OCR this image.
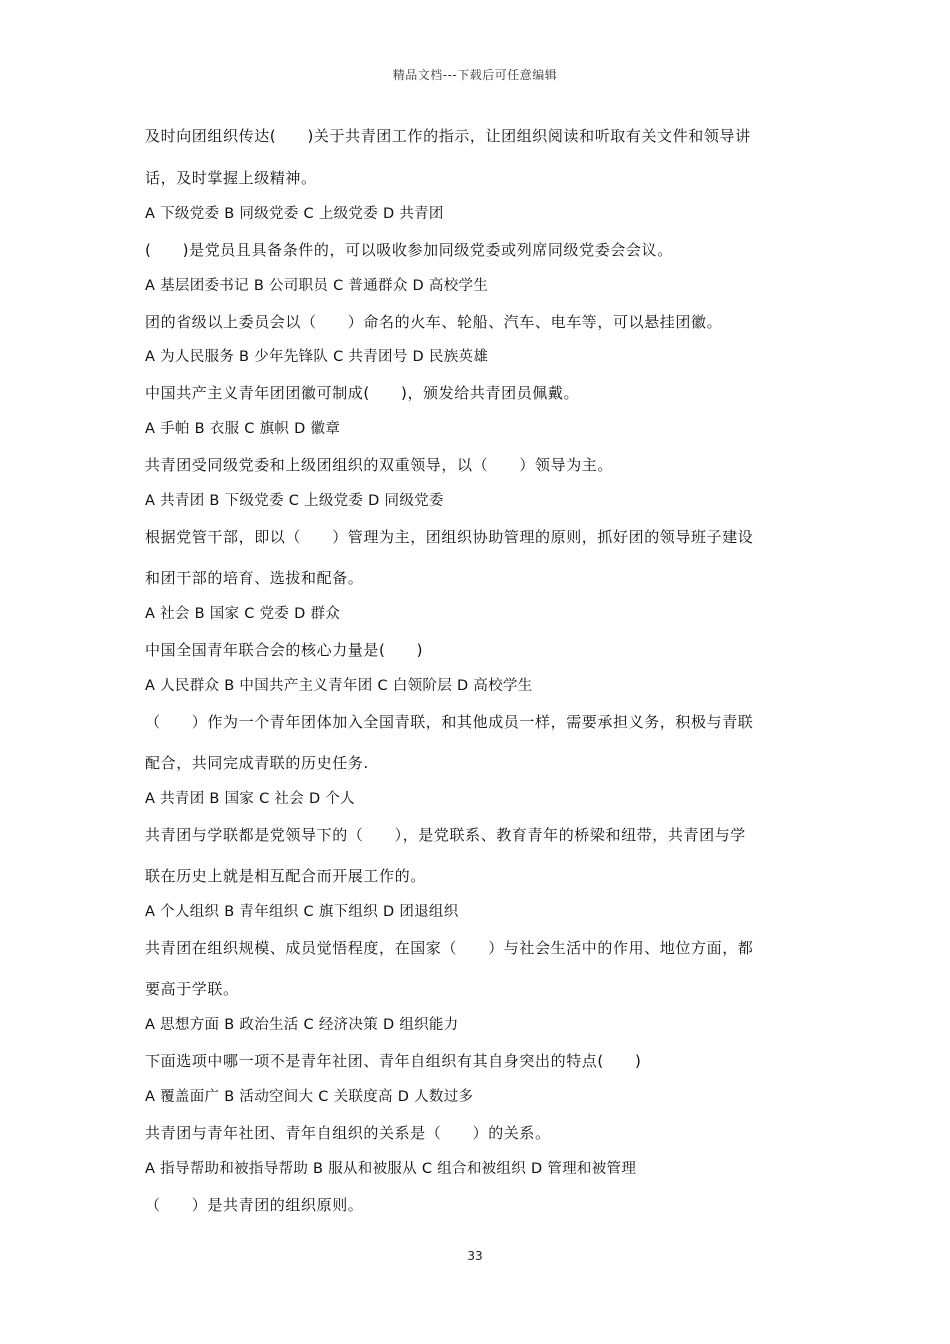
精品文档---下载后可任意编辑
及时向团组织传达(　　)关于共青团工作的指示，让团组织阅读和听取有关文件和领导讲
话，及时掌握上级精神。
A 下级党委 B 同级党委 C 上级党委 D 共青团
(　　)是党员且具备条件的，可以吸收参加同级党委或列席同级党委会会议。
A 基层团委书记 B 公司职员 C 普通群众 D 高校学生
团的省级以上委员会以（　　）命名的火车、轮船、汽车、电车等，可以悬挂团徽。
A 为人民服务 B 少年先锋队 C 共青团号 D 民族英雄
中国共产主义青年团团徽可制成(　　)，颁发给共青团员佩戴。
A 手帕 B 衣服 C 旗帜 D 徽章
共青团受同级党委和上级团组织的双重领导，以（　　）领导为主。
A 共青团 B 下级党委 C 上级党委 D 同级党委
根据党管干部，即以（　　）管理为主，团组织协助管理的原则，抓好团的领导班子建设
和团干部的培育、选拔和配备。
A 社会 B 国家 C 党委 D 群众
中国全国青年联合会的核心力量是(　　)
A 人民群众 B 中国共产主义青年团 C 白领阶层 D 高校学生
（　　）作为一个青年团体加入全国青联，和其他成员一样，需要承担义务，积极与青联
配合，共同完成青联的历史任务.
A 共青团 B 国家 C 社会 D 个人
共青团与学联都是党领导下的（　　），是党联系、教育青年的桥梁和纽带，共青团与学
联在历史上就是相互配合而开展工作的。
A 个人组织 B 青年组织 C 旗下组织 D 团退组织
共青团在组织规模、成员觉悟程度，在国家（　　）与社会生活中的作用、地位方面，都
要高于学联。
A 思想方面 B 政治生活 C 经济决策 D 组织能力
下面选项中哪一项不是青年社团、青年自组织有其自身突出的特点(　　)
A 覆盖面广 B 活动空间大 C 关联度高 D 人数过多
共青团与青年社团、青年自组织的关系是（　　）的关系。
A 指导帮助和被指导帮助 B 服从和被服从 C 组合和被组织 D 管理和被管理
（　　）是共青团的组织原则。
33
